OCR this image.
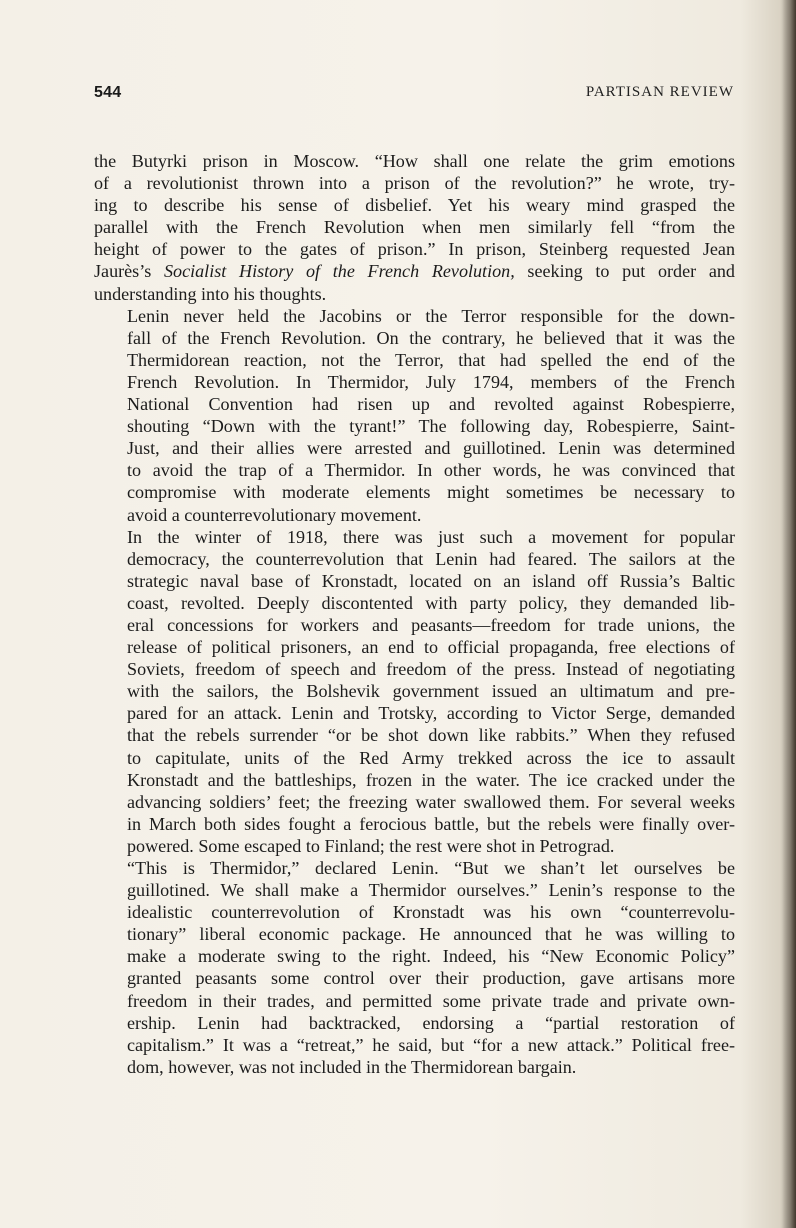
544	PARTISAN REVIEW
the Butyrki prison in Moscow. “How shall one relate the grim emotions
of a revolutionist thrown into a prison of the revolution?” he wrote, try-
ing to describe his sense of disbelief. Yet his weary mind grasped the
parallel with the French Revolution when men similarly fell “from the
height of power to the gates of prison.” In prison, Steinberg requested Jean
Jaurès’s Socialist History of the French Revolution, seeking to put order and
understanding into his thoughts.
Lenin never held the Jacobins or the Terror responsible for the down-
fall of the French Revolution. On the contrary, he believed that it was the
Thermidorean reaction, not the Terror, that had spelled the end of the
French Revolution. In Thermidor, July 1794, members of the French
National Convention had risen up and revolted against Robespierre,
shouting “Down with the tyrant!” The following day, Robespierre, Saint-
Just, and their allies were arrested and guillotined. Lenin was determined
to avoid the trap of a Thermidor. In other words, he was convinced that
compromise with moderate elements might sometimes be necessary to
avoid a counterrevolutionary movement.
In the winter of 1918, there was just such a movement for popular
democracy, the counterrevolution that Lenin had feared. The sailors at the
strategic naval base of Kronstadt, located on an island off Russia’s Baltic
coast, revolted. Deeply discontented with party policy, they demanded lib-
eral concessions for workers and peasants—freedom for trade unions, the
release of political prisoners, an end to official propaganda, free elections of
Soviets, freedom of speech and freedom of the press. Instead of negotiating
with the sailors, the Bolshevik government issued an ultimatum and pre-
pared for an attack. Lenin and Trotsky, according to Victor Serge, demanded
that the rebels surrender “or be shot down like rabbits.” When they refused
to capitulate, units of the Red Army trekked across the ice to assault
Kronstadt and the battleships, frozen in the water. The ice cracked under the
advancing soldiers’ feet; the freezing water swallowed them. For several weeks
in March both sides fought a ferocious battle, but the rebels were finally over-
powered. Some escaped to Finland; the rest were shot in Petrograd.
“This is Thermidor,” declared Lenin. “But we shan’t let ourselves be
guillotined. We shall make a Thermidor ourselves.” Lenin’s response to the
idealistic counterrevolution of Kronstadt was his own “counterrevolu-
tionary” liberal economic package. He announced that he was willing to
make a moderate swing to the right. Indeed, his “New Economic Policy”
granted peasants some control over their production, gave artisans more
freedom in their trades, and permitted some private trade and private own-
ership. Lenin had backtracked, endorsing a “partial restoration of
capitalism.” It was a “retreat,” he said, but “for a new attack.” Political free-
dom, however, was not included in the Thermidorean bargain.
